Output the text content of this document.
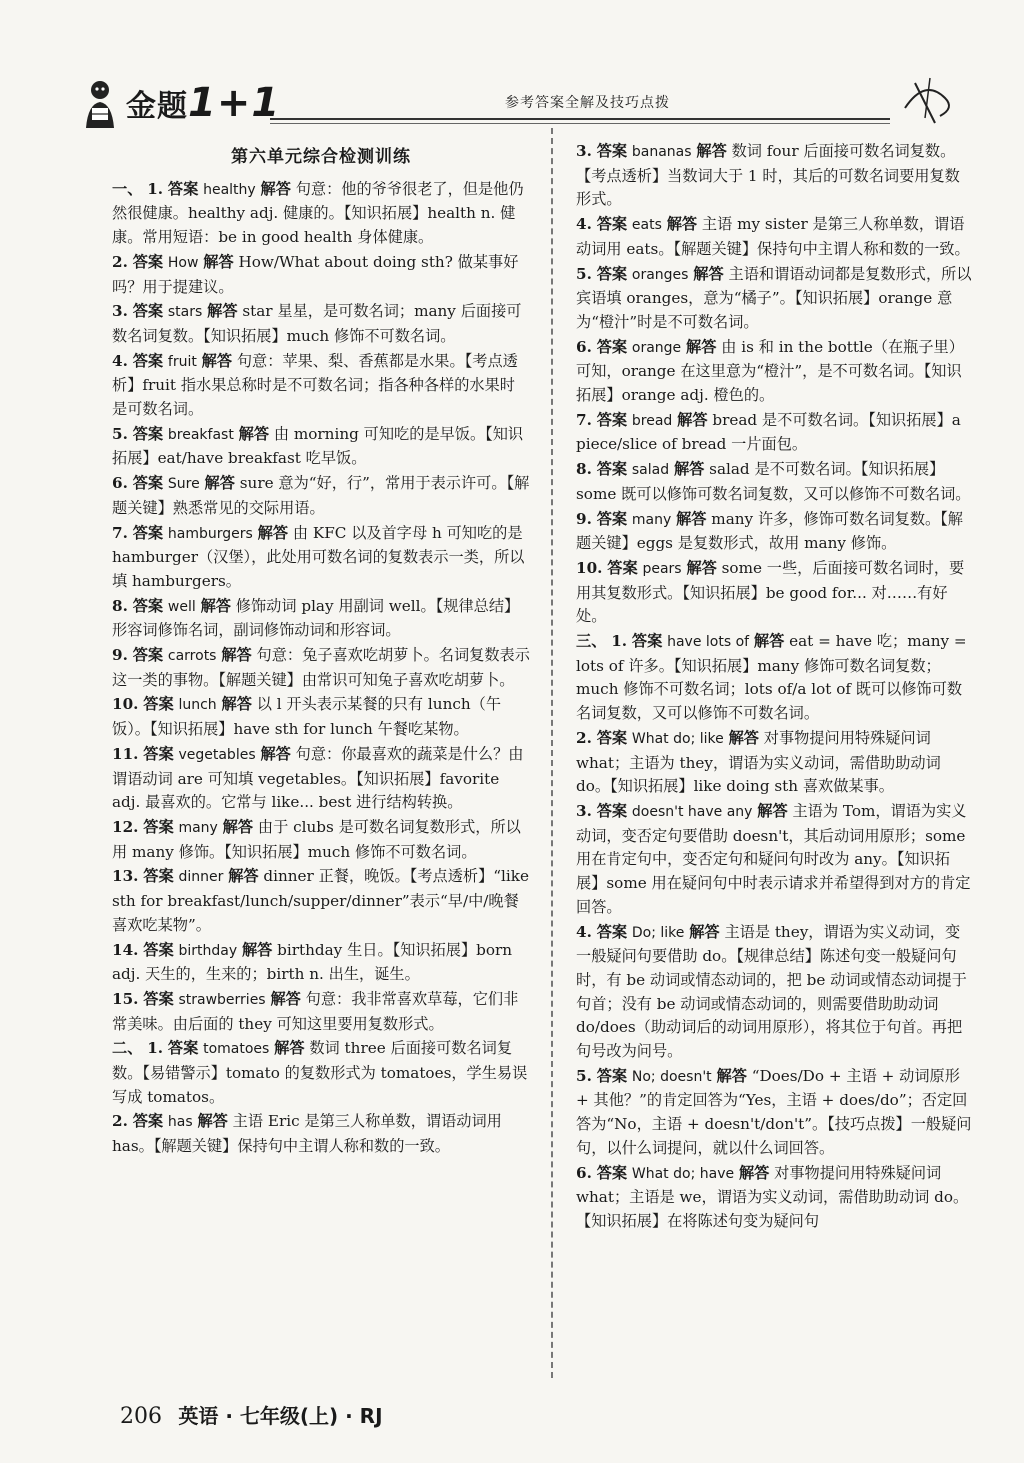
金题1+1	参考答案全解及技巧点拨
第六单元综合检测训练
一、 1. 答案 healthy 解答 句意：他的爷爷很老了，但是他仍然很健康。healthy adj. 健康的。【知识拓展】health n. 健康。常用短语：be in good health 身体健康。
2. 答案 How 解答 How/What about doing sth? 做某事好吗？用于提建议。
3. 答案 stars 解答 star 星星，是可数名词；many 后面接可数名词复数。【知识拓展】much 修饰不可数名词。
4. 答案 fruit 解答 句意：苹果、梨、香蕉都是水果。【考点透析】fruit 指水果总称时是不可数名词；指各种各样的水果时是可数名词。
5. 答案 breakfast 解答 由 morning 可知吃的是早饭。【知识拓展】eat/have breakfast 吃早饭。
6. 答案 Sure 解答 sure 意为“好，行”，常用于表示许可。【解题关键】熟悉常见的交际用语。
7. 答案 hamburgers 解答 由 KFC 以及首字母 h 可知吃的是 hamburger（汉堡），此处用可数名词的复数表示一类，所以填 hamburgers。
8. 答案 well 解答 修饰动词 play 用副词 well。【规律总结】形容词修饰名词，副词修饰动词和形容词。
9. 答案 carrots 解答 句意：兔子喜欢吃胡萝卜。名词复数表示这一类的事物。【解题关键】由常识可知兔子喜欢吃胡萝卜。
10. 答案 lunch 解答 以 l 开头表示某餐的只有 lunch（午饭）。【知识拓展】have sth for lunch 午餐吃某物。
11. 答案 vegetables 解答 句意：你最喜欢的蔬菜是什么？由谓语动词 are 可知填 vegetables。【知识拓展】favorite adj. 最喜欢的。它常与 like... best 进行结构转换。
12. 答案 many 解答 由于 clubs 是可数名词复数形式，所以用 many 修饰。【知识拓展】much 修饰不可数名词。
13. 答案 dinner 解答 dinner 正餐，晚饭。【考点透析】“like sth for breakfast/lunch/supper/dinner”表示“早/中/晚餐喜欢吃某物”。
14. 答案 birthday 解答 birthday 生日。【知识拓展】born adj. 天生的，生来的；birth n. 出生，诞生。
15. 答案 strawberries 解答 句意：我非常喜欢草莓，它们非常美味。由后面的 they 可知这里要用复数形式。
二、 1. 答案 tomatoes 解答 数词 three 后面接可数名词复数。【易错警示】tomato 的复数形式为 tomatoes，学生易误写成 tomatos。
2. 答案 has 解答 主语 Eric 是第三人称单数，谓语动词用 has。【解题关键】保持句中主谓人称和数的一致。
3. 答案 bananas 解答 数词 four 后面接可数名词复数。【考点透析】当数词大于 1 时，其后的可数名词要用复数形式。
4. 答案 eats 解答 主语 my sister 是第三人称单数，谓语动词用 eats。【解题关键】保持句中主谓人称和数的一致。
5. 答案 oranges 解答 主语和谓语动词都是复数形式，所以宾语填 oranges，意为“橘子”。【知识拓展】orange 意为“橙汁”时是不可数名词。
6. 答案 orange 解答 由 is 和 in the bottle（在瓶子里）可知，orange 在这里意为“橙汁”，是不可数名词。【知识拓展】orange adj. 橙色的。
7. 答案 bread 解答 bread 是不可数名词。【知识拓展】a piece/slice of bread 一片面包。
8. 答案 salad 解答 salad 是不可数名词。【知识拓展】some 既可以修饰可数名词复数，又可以修饰不可数名词。
9. 答案 many 解答 many 许多，修饰可数名词复数。【解题关键】eggs 是复数形式，故用 many 修饰。
10. 答案 pears 解答 some 一些，后面接可数名词时，要用其复数形式。【知识拓展】be good for... 对……有好处。
三、 1. 答案 have lots of 解答 eat = have 吃；many = lots of 许多。【知识拓展】many 修饰可数名词复数；much 修饰不可数名词；lots of/a lot of 既可以修饰可数名词复数，又可以修饰不可数名词。
2. 答案 What do; like 解答 对事物提问用特殊疑问词 what；主语为 they，谓语为实义动词，需借助助动词 do。【知识拓展】like doing sth 喜欢做某事。
3. 答案 doesn't have any 解答 主语为 Tom，谓语为实义动词，变否定句要借助 doesn't，其后动词用原形；some 用在肯定句中，变否定句和疑问句时改为 any。【知识拓展】some 用在疑问句中时表示请求并希望得到对方的肯定回答。
4. 答案 Do; like 解答 主语是 they，谓语为实义动词，变一般疑问句要借助 do。【规律总结】陈述句变一般疑问句时，有 be 动词或情态动词的，把 be 动词或情态动词提于句首；没有 be 动词或情态动词的，则需要借助助动词 do/does（助动词后的动词用原形），将其位于句首。再把句号改为问号。
5. 答案 No; doesn't 解答 “Does/Do + 主语 + 动词原形 + 其他？”的肯定回答为“Yes，主语 + does/do”；否定回答为“No，主语 + doesn't/don't”。【技巧点拨】一般疑问句，以什么词提问，就以什么词回答。
6. 答案 What do; have 解答 对事物提问用特殊疑问词 what；主语是 we，谓语为实义动词，需借助助动词 do。【知识拓展】在将陈述句变为疑问句
206 英语 · 七年级(上) · RJ
